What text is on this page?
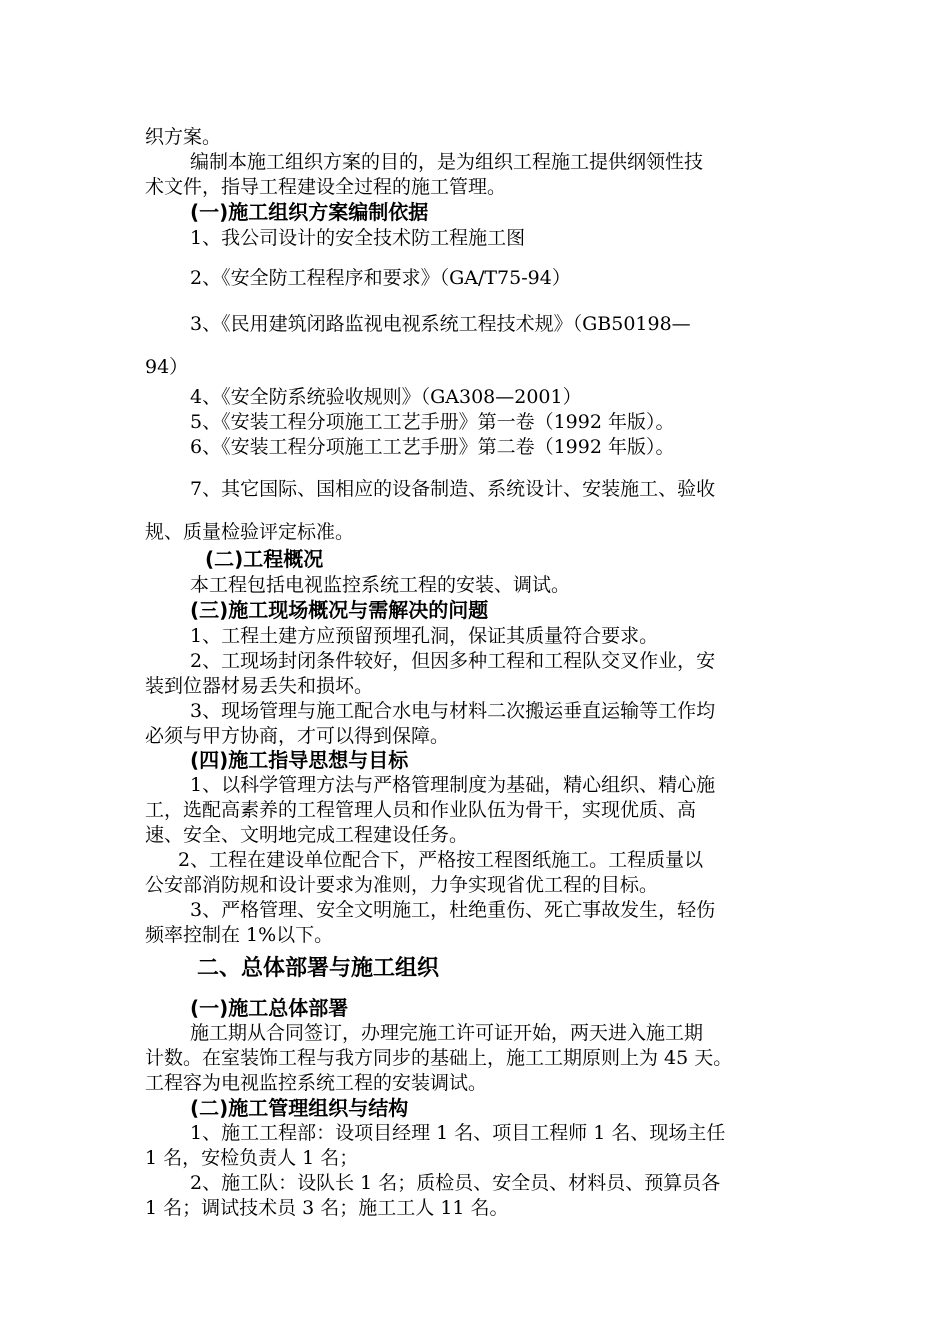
织方案。
编制本施工组织方案的目的，是为组织工程施工提供纲领性技
术文件，指导工程建设全过程的施工管理。
(一)施工组织方案编制依据
1、我公司设计的安全技术防工程施工图
2、《安全防工程程序和要求》（GA/T75-94）
3、《民用建筑闭路监视电视系统工程技术规》（GB50198—
94）
4、《安全防系统验收规则》（GA308—2001）
5、《安装工程分项施工工艺手册》第一卷（1992 年版）。
6、《安装工程分项施工工艺手册》第二卷（1992 年版）。
7、其它国际、国相应的设备制造、系统设计、安装施工、验收
规、质量检验评定标准。
(二)工程概况
本工程包括电视监控系统工程的安装、调试。
(三)施工现场概况与需解决的问题
1、工程土建方应预留预埋孔洞，保证其质量符合要求。
2、工现场封闭条件较好，但因多种工程和工程队交叉作业，安
装到位器材易丢失和损坏。
3、现场管理与施工配合水电与材料二次搬运垂直运输等工作均
必须与甲方协商，才可以得到保障。
(四)施工指导思想与目标
1、以科学管理方法与严格管理制度为基础，精心组织、精心施
工，选配高素养的工程管理人员和作业队伍为骨干，实现优质、高
速、安全、文明地完成工程建设任务。
2、工程在建设单位配合下，严格按工程图纸施工。工程质量以
公安部消防规和设计要求为准则，力争实现省优工程的目标。
3、严格管理、安全文明施工，杜绝重伤、死亡事故发生，轻伤
频率控制在 1%以下。
二、总体部署与施工组织
(一)施工总体部署
施工期从合同签订，办理完施工许可证开始，两天进入施工期
计数。在室装饰工程与我方同步的基础上，施工工期原则上为 45 天。
工程容为电视监控系统工程的安装调试。
(二)施工管理组织与结构
1、施工工程部：设项目经理 1 名、项目工程师 1 名、现场主任
1 名，安检负责人 1 名；
2、施工队：设队长 1 名；质检员、安全员、材料员、预算员各
1 名；调试技术员 3 名；施工工人 11 名。
